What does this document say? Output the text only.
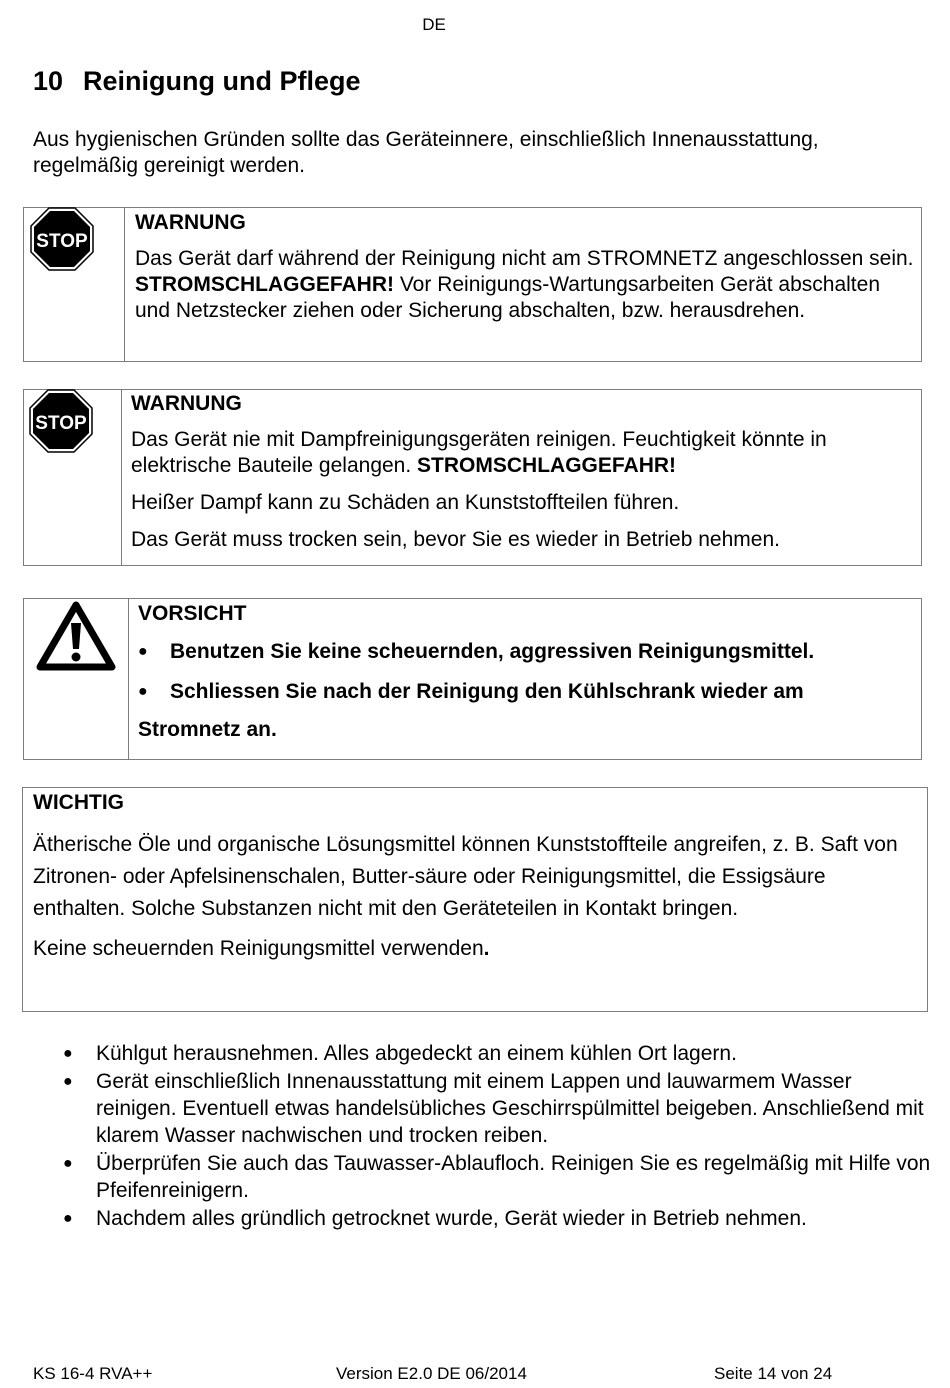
DE
10 Reinigung und Pflege

Aus hygienischen Gründen sollte das Geräteinnere, einschließlich Innenausstattung, regelmäßig gereinigt werden.

STOP

WARNUNG

Das Gerät darf während der Reinigung nicht am STROMNETZ angeschlossen sein. STROMSCHLAGGEFAHR! Vor Reinigungs-Wartungsarbeiten Gerät abschalten und Netzstecker ziehen oder Sicherung abschalten, bzw. herausdrehen.

STOP

WARNUNG

Das Gerät nie mit Dampfreinigungsgeräten reinigen. Feuchtigkeit könnte in elektrische Bauteile gelangen. STROMSCHLAGGEFAHR!

Heißer Dampf kann zu Schäden an Kunststoffteilen führen.

Das Gerät muss trocken sein, bevor Sie es wieder in Betrieb nehmen.

VORSICHT

● Benutzen Sie keine scheuernden, aggressiven Reinigungsmittel.
● Schliessen Sie nach der Reinigung den Kühlschrank wieder am

Stromnetz an.

WICHTIG

Ätherische Öle und organische Lösungsmittel können Kunststoffteile angreifen, z. B. Saft von Zitronen- oder Apfelsinenschalen, Butter-säure oder Reinigungsmittel, die Essigsäure enthalten. Solche Substanzen nicht mit den Geräteteilen in Kontakt bringen.

Keine scheuernden Reinigungsmittel verwenden.

● Kühlgut herausnehmen. Alles abgedeckt an einem kühlen Ort lagern.
● Gerät einschließlich Innenausstattung mit einem Lappen und lauwarmem Wasser reinigen. Eventuell etwas handelsübliches Geschirrspülmittel beigeben. Anschließend mit klarem Wasser nachwischen und trocken reiben.
● Überprüfen Sie auch das Tauwasser-Ablaufloch. Reinigen Sie es regelmäßig mit Hilfe von Pfeifenreinigern.
● Nachdem alles gründlich getrocknet wurde, Gerät wieder in Betrieb nehmen.
KS 16-4 RVA++	Version E2.0 DE 06/2014	Seite 14 von 24
